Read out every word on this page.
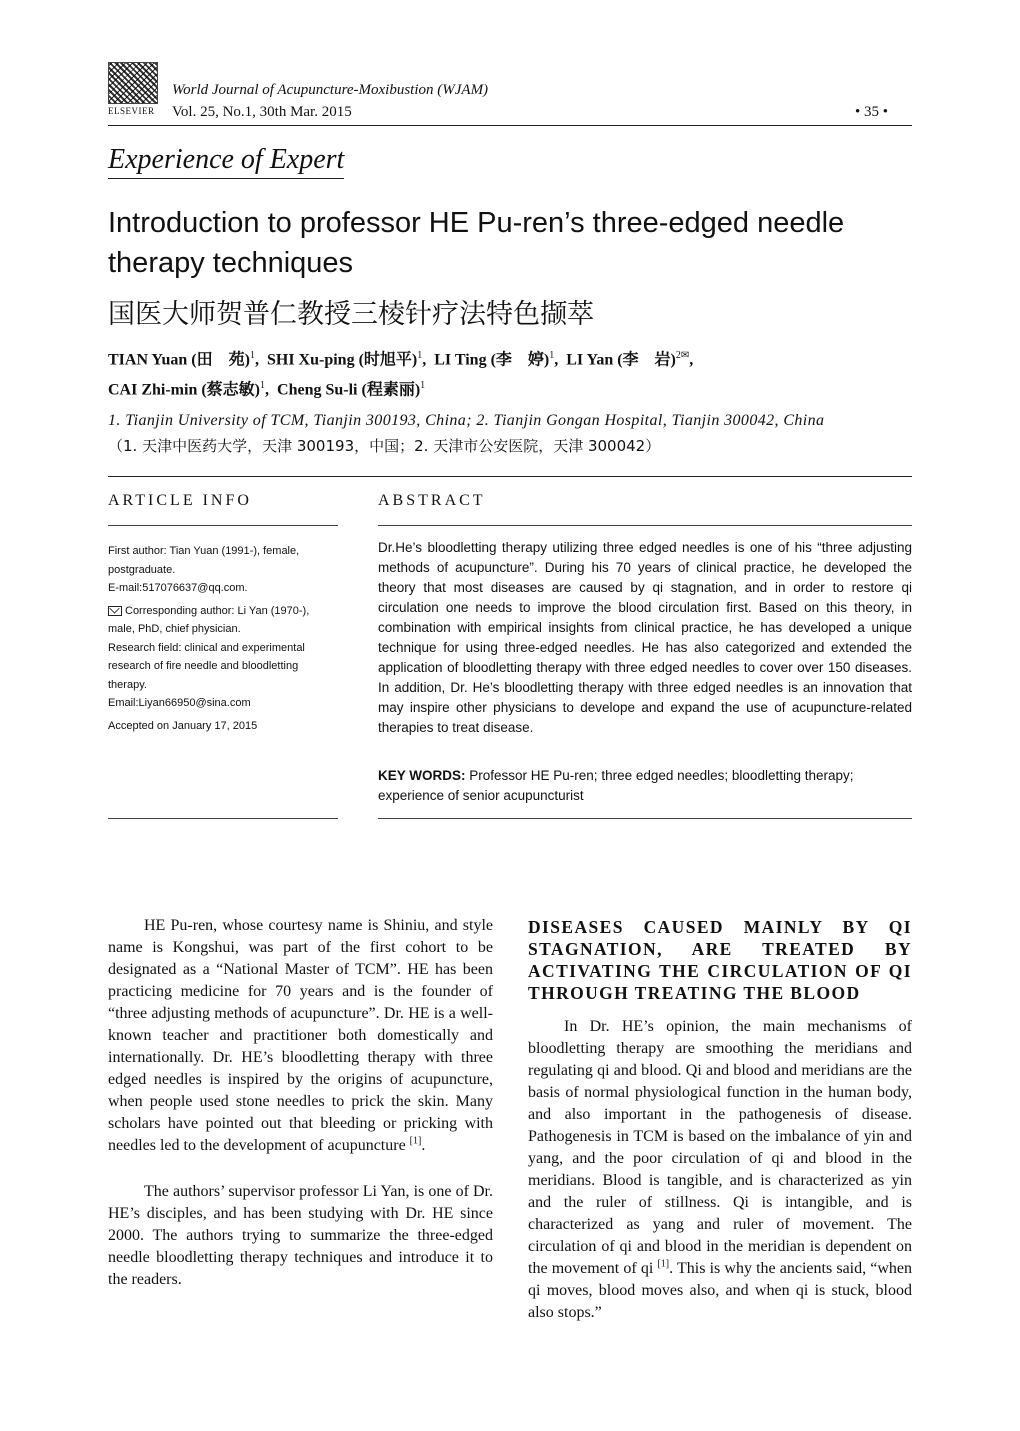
ELSEVIER
World Journal of Acupuncture-Moxibustion (WJAM)
Vol. 25, No.1, 30th Mar. 2015	• 35 •
Experience of Expert
Introduction to professor HE Pu-ren’s three-edged needle therapy techniques
国医大师贺普仁教授三棱针疗法特色撷萃
TIAN Yuan (田　苑)$^1$,  SHI Xu-ping (时旭平)$^1$,  LI Ting (李　婷)$^1$,  LI Yan (李　岩)$^{2✉}$,
CAI Zhi-min (蔡志敏)$^1$,  Cheng Su-li (程素丽)$^1$
1. Tianjin University of TCM, Tianjin 300193, China; 2. Tianjin Gongan Hospital, Tianjin 300042, China
（1. 天津中医药大学，天津 300193，中国；2. 天津市公安医院，天津 300042）
ARTICLE INFO	ABSTRACT

First author: Tian Yuan (1991-), female, postgraduate.

E-mail:517076637@qq.com.

Corresponding author: Li Yan (1970-), male, PhD, chief physician.

Research field: clinical and experimental research of fire needle and bloodletting therapy.

Email:Liyan66950@sina.com

Accepted on January 17, 2015

Dr.He’s bloodletting therapy utilizing three edged needles is one of his “three adjusting methods of acupuncture”. During his 70 years of clinical practice, he developed the theory that most diseases are caused by qi stagnation, and in order to restore qi circulation one needs to improve the blood circulation first. Based on this theory, in combination with empirical insights from clinical practice, he has developed a unique technique for using three-edged needles. He has also categorized and extended the application of bloodletting therapy with three edged needles to cover over 150 diseases. In addition, Dr. He’s bloodletting therapy with three edged needles is an innovation that may inspire other physicians to develope and expand the use of acupuncture-related therapies to treat disease.
KEY WORDS: Professor HE Pu-ren; three edged needles; bloodletting therapy; experience of senior acupuncturist

HE Pu-ren, whose courtesy name is Shiniu, and style name is Kongshui, was part of the first cohort to be designated as a “National Master of TCM”. HE has been practicing medicine for 70 years and is the founder of “three adjusting methods of acupuncture”. Dr. HE is a well-known teacher and practitioner both domestically and internationally. Dr. HE’s bloodletting therapy with three edged needles is inspired by the origins of acupuncture, when people used stone needles to prick the skin. Many scholars have pointed out that bleeding or pricking with needles led to the development of acupuncture [1].

The authors’ supervisor professor Li Yan, is one of Dr. HE’s disciples, and has been studying with Dr. HE since 2000. The authors trying to summarize the three-edged needle bloodletting therapy techniques and introduce it to the readers.

DISEASES CAUSED MAINLY BY QI STAGNATION, ARE TREATED BY ACTIVATING THE CIRCULATION OF QI THROUGH TREATING THE BLOOD

In Dr. HE’s opinion, the main mechanisms of bloodletting therapy are smoothing the meridians and regulating qi and blood. Qi and blood and meridians are the basis of normal physiological function in the human body, and also important in the pathogenesis of disease. Pathogenesis in TCM is based on the imbalance of yin and yang, and the poor circulation of qi and blood in the meridians. Blood is tangible, and is characterized as yin and the ruler of stillness. Qi is intangible, and is characterized as yang and ruler of movement. The circulation of qi and blood in the meridian is dependent on the movement of qi [1]. This is why the ancients said, “when qi moves, blood moves also, and when qi is stuck, blood also stops.”
